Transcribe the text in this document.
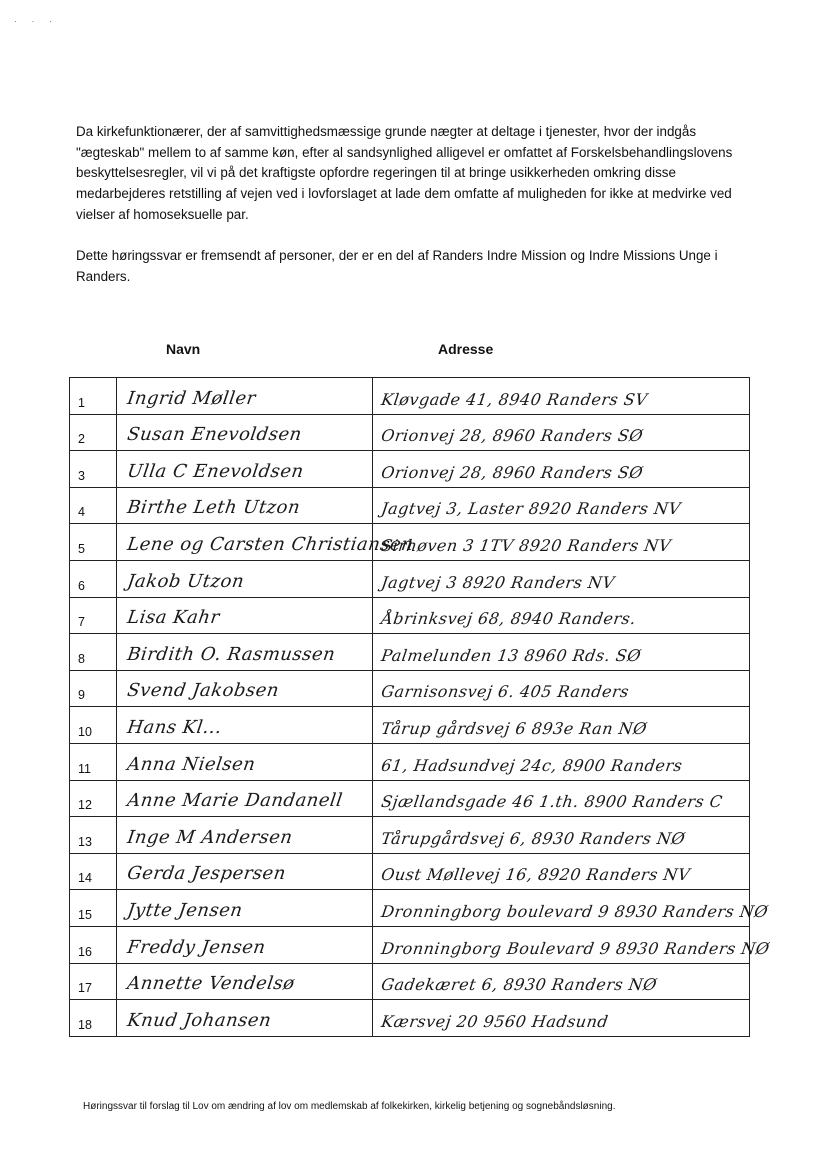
· · ·

Da kirkefunktionærer, der af samvittighedsmæssige grunde nægter at deltage i tjenester, hvor der indgås "ægteskab" mellem to af samme køn, efter al sandsynlighed alligevel er omfattet af Forskelsbehandlingslovens beskyttelsesregler, vil vi på det kraftigste opfordre regeringen til at bringe usikkerheden omkring disse medarbejderes retstilling af vejen ved i lovforslaget at lade dem omfatte af muligheden for ikke at medvirke ved vielser af homoseksuelle par.

Dette høringssvar er fremsendt af personer, der er en del af Randers Indre Mission og Indre Missions Unge i Randers.

Navn	Adresse
1	Ingrid Møller	Kløvgade 41, 8940 Randers SV
2	Susan Enevoldsen	Orionvej 28, 8960 Randers SØ
3	Ulla C Enevoldsen	Orionvej 28, 8960 Randers SØ
4	Birthe Leth Utzon	Jagtvej 3, Laster 8920 Randers NV
5	Lene og Carsten Christiansen	Sirhøven 3 1TV 8920 Randers NV
6	Jakob Utzon	Jagtvej 3 8920 Randers NV
7	Lisa Kahr	Åbrinksvej 68, 8940 Randers.
8	Birdith O. Rasmussen	Palmelunden 13 8960 Rds. SØ
9	Svend Jakobsen	Garnisonsvej 6. 405 Randers
10	Hans Kl...	Tårup gårdsvej 6 893e Ran NØ
11	Anna Nielsen	61, Hadsundvej 24c, 8900 Randers
12	Anne Marie Dandanell	Sjællandsgade 46 1.th. 8900 Randers C
13	Inge M Andersen	Tårupgårdsvej 6, 8930 Randers NØ
14	Gerda Jespersen	Oust Møllevej 16, 8920 Randers NV
15	Jytte Jensen	Dronningborg boulevard 9 8930 Randers NØ
16	Freddy Jensen	Dronningborg Boulevard 9 8930 Randers NØ
17	Annette Vendelsø	Gadekæret 6, 8930 Randers NØ
18	Knud Johansen	Kærsvej 20 9560 Hadsund
Høringssvar til forslag til Lov om ændring af lov om medlemskab af folkekirken, kirkelig betjening og sognebåndsløsning.
